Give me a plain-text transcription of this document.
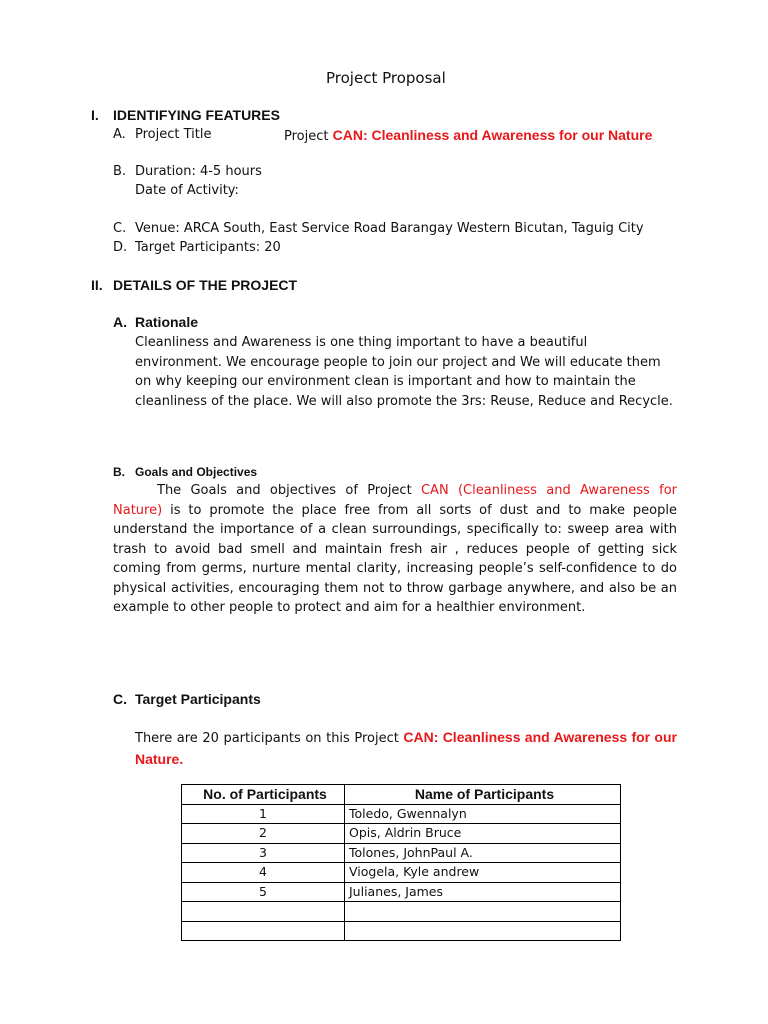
Project Proposal
I. IDENTIFYING FEATURES
A. Project Title	Project CAN: Cleanliness and Awareness for our Nature
B. Duration: 4-5 hours
Date of Activity:
C. Venue: ARCA South, East Service Road Barangay Western Bicutan, Taguig City
D. Target Participants: 20
II. DETAILS OF THE PROJECT
A. Rationale
Cleanliness and Awareness is one thing important to have a beautiful environment. We encourage people to join our project and We will educate them on why keeping our environment clean is important and how to maintain the cleanliness of the place. We will also promote the 3rs: Reuse, Reduce and Recycle.
B. Goals and Objectives
The Goals and objectives of Project CAN (Cleanliness and Awareness for Nature) is to promote the place free from all sorts of dust and to make people understand the importance of a clean surroundings, specifically to: sweep area with trash to avoid bad smell and maintain fresh air , reduces people of getting sick coming from germs, nurture mental clarity, increasing people’s self-confidence to do physical activities, encouraging them not to throw garbage anywhere, and also be an example to other people to protect and aim for a healthier environment.
C. Target Participants
There are 20 participants on this Project CAN: Cleanliness and Awareness for our Nature.
No. of Participants	Name of Participants
1	Toledo, Gwennalyn
2	Opis, Aldrin Bruce
3	Tolones, JohnPaul A.
4	Viogela, Kyle andrew
5	Julianes, James
